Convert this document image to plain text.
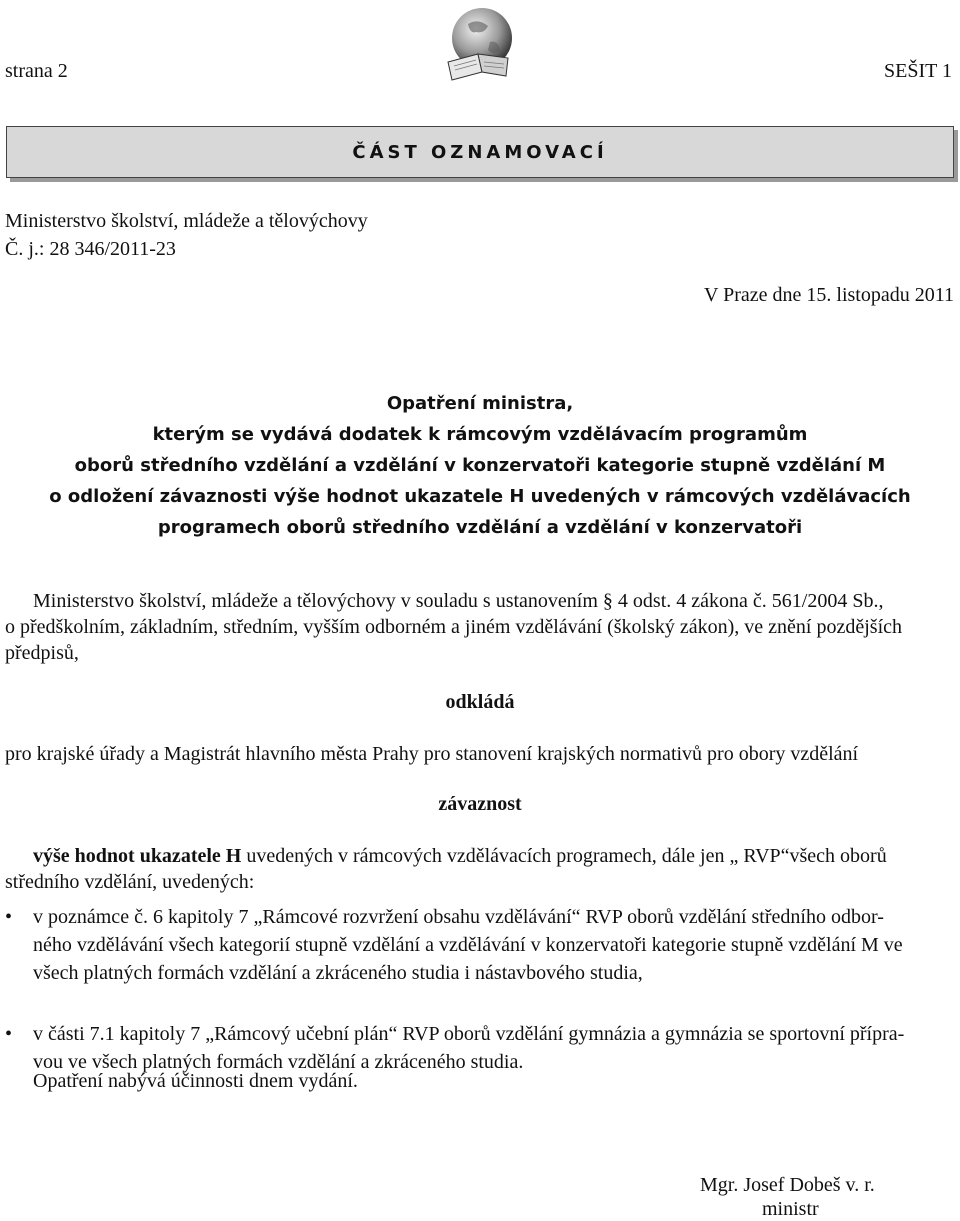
strana 2	SEŠIT 1
ČÁST OZNAMOVACÍ
Ministerstvo školství, mládeže a tělovýchovy
Č. j.: 28 346/2011-23
V Praze dne 15. listopadu 2011
Opatření ministra,
kterým se vydává dodatek k rámcovým vzdělávacím programům
oborů středního vzdělání a vzdělání v konzervatoři kategorie stupně vzdělání M
o odložení závaznosti výše hodnot ukazatele H uvedených v rámcových vzdělávacích
programech oborů středního vzdělání a vzdělání v konzervatoři
Ministerstvo školství, mládeže a tělovýchovy v souladu s ustanovením § 4 odst. 4 zákona č. 561/2004 Sb.,
o předškolním, základním, středním, vyšším odborném a jiném vzdělávání (školský zákon), ve znění pozdějších
předpisů,
odkládá
pro krajské úřady a Magistrát hlavního města Prahy pro stanovení krajských normativů pro obory vzdělání
závaznost
výše hodnot ukazatele H uvedených v rámcových vzdělávacích programech, dále jen „ RVP“všech oborů
středního vzdělání, uvedených:
•	v poznámce č. 6 kapitoly 7 „Rámcové rozvržení obsahu vzdělávání“ RVP oborů vzdělání středního odbor-
ného vzdělávání všech kategorií stupně vzdělání a vzdělávání v konzervatoři kategorie stupně vzdělání M ve
všech platných formách vzdělání a zkráceného studia i nástavbového studia,
•	v části 7.1 kapitoly 7 „Rámcový učební plán“ RVP oborů vzdělání gymnázia a gymnázia se sportovní přípra-
vou ve všech platných formách vzdělání a zkráceného studia.
Opatření nabývá účinnosti dnem vydání.
Mgr. Josef Dobeš v. r.
ministr
